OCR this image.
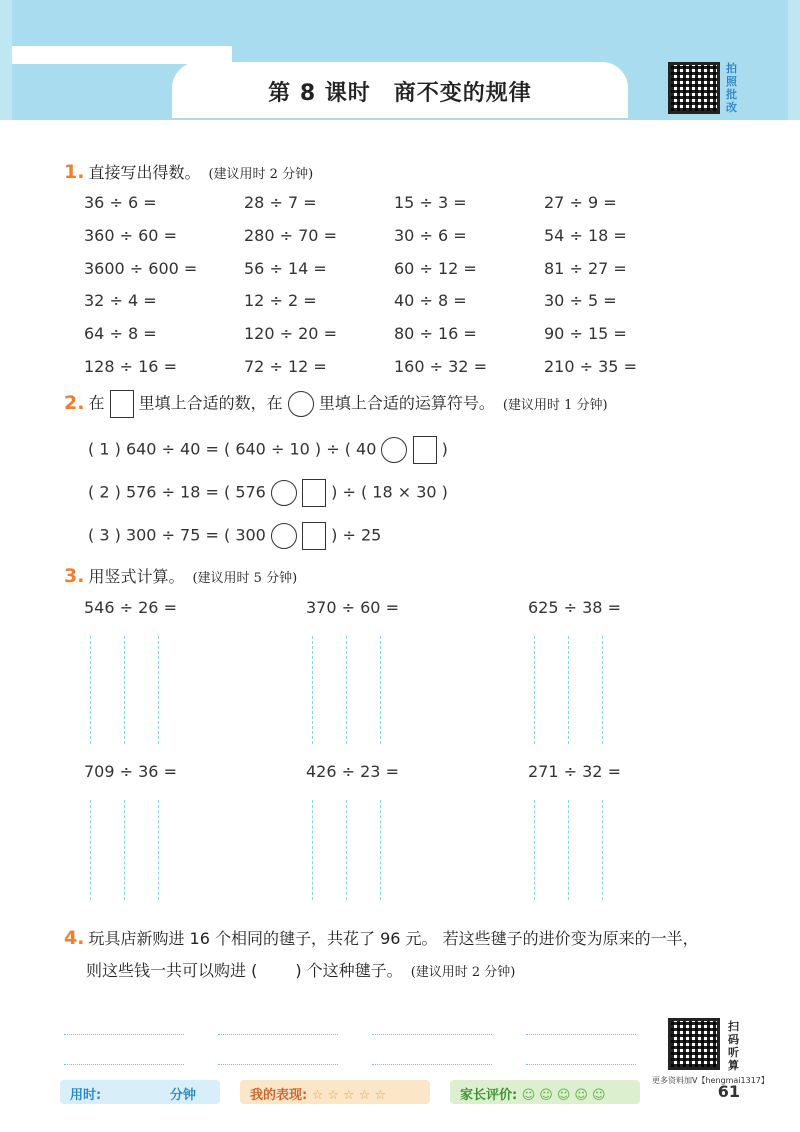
第 8 课时　商不变的规律
拍照批改
1. 直接写出得数。 (建议用时 2 分钟)
36 ÷ 6 =	28 ÷ 7 =	15 ÷ 3 =	27 ÷ 9 =
360 ÷ 60 =	280 ÷ 70 =	30 ÷ 6 =	54 ÷ 18 =
3600 ÷ 600 =	56 ÷ 14 =	60 ÷ 12 =	81 ÷ 27 =
32 ÷ 4 =	12 ÷ 2 =	40 ÷ 8 =	30 ÷ 5 =
64 ÷ 8 =	120 ÷ 20 =	80 ÷ 16 =	90 ÷ 15 =
128 ÷ 16 =	72 ÷ 12 =	160 ÷ 32 =	210 ÷ 35 =
2. 在 里填上合适的数，在 里填上合适的运算符号。 (建议用时 1 分钟)
( 1 ) 640 ÷ 40 = ( 640 ÷ 10 ) ÷ ( 40	)
( 2 ) 576 ÷ 18 = ( 576	) ÷ ( 18 × 30 )
( 3 ) 300 ÷ 75 = ( 300	) ÷ 25
3. 用竖式计算。 (建议用时 5 分钟)
546 ÷ 26 =	370 ÷ 60 =	625 ÷ 38 =
709 ÷ 36 =	426 ÷ 23 =	271 ÷ 32 =
4. 玩具店新购进 16 个相同的毽子，共花了 96 元。 若这些毽子的进价变为原来的一半，
则这些钱一共可以购进 ( ) 个这种毽子。 (建议用时 2 分钟)
扫码听算
用时:	分钟	我的表现: ☆☆☆☆☆	家长评价: ☺☺☺☺☺
更多资料加V【hengmai1317】
61
